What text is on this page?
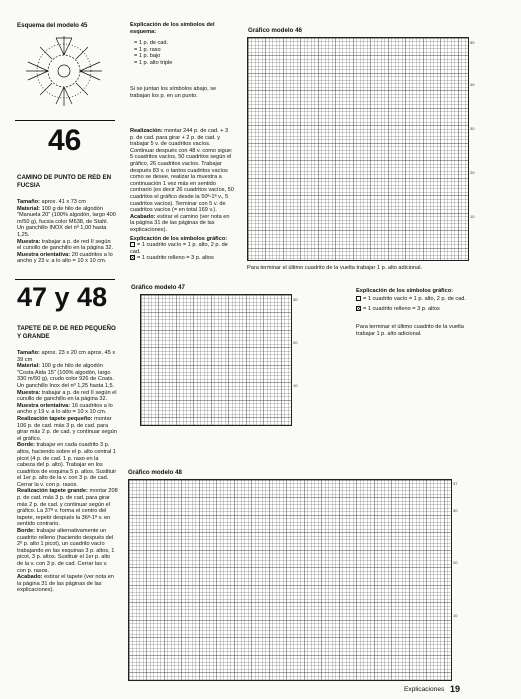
Esquema del modelo 45
46
CAMINO DE PUNTO DE RED EN FUCSIA

Tamaño: aprox. 41 x 73 cm

Material: 100 g de hilo de algodón "Manuela 20" (100% algodón, largo 400 m/50 g), fucsia color M638, de Stahl. Un ganchillo INOX del nº 1,00 hasta 1,25.

Muestra: trabajar a p. de red II según el cursillo de ganchillo en la página 32.

Muestra orientativa: 20 cuadritos a lo ancho y 23 v. a lo alto = 10 x 10 cm.

Explicación de los símbolos del esquema:

= 1 p. de cad.

= 1 p. raso

= 1 p. bajo

= 1 p. alto triple

Si se juntan los símbolos abajo, se trabajan los p. en un punto.

Realización: montar 244 p. de cad. + 3 p. de cad. para girar + 2 p. de cad. y trabajar 5 v. de cuadritos vacíos. Continuar después con 48 v. como sigue: 5 cuadritos vacíos, 50 cuadritos según el gráfico, 26 cuadritos vacíos. Trabajar después 83 v. o tantos cuadritos vacíos como se desee, realizar la muestra a continuación 1 vez más en sentido contrario (es decir 26 cuadritos vacíos, 50 cuadritos el gráfico desde la 50ª-1ª v., 5 cuadritos vacíos). Terminar con 5 v. de cuadritos vacíos (= en total 169 v.).

Acabado: estirar el camino (ver nota en la página 31 de las páginas de las explicaciones).

Explicación de los símbolos gráfico:

= 1 cuadrito vacío = 1 p. alto, 2 p. de cad.

= 1 cuadrito relleno = 3 p. altos

Gráfico modelo 46
50
40
30
20
10
Para terminar el último cuadrito de la vuelta trabajar 1 p. alto adicional.
47 y 48
TAPETE DE P. DE RED PEQUEÑO Y GRANDE

Tamaño: aprox. 23 x 20 cm aprox. 45 x 39 cm

Material: 100 g de hilo de algodón "Costa Aida 15" (100% algodón, largo 330 m/50 g), crudo color 926 de Coats. Un ganchillo Inox del nº 1,25 hasta 1,5.

Muestra: trabajar a p. de red II según el cursillo de ganchillo en la página 32.

Muestra orientativa: 16 cuadritos a lo ancho y 19 v. a lo alto = 10 x 10 cm.

Realización tapete pequeño: montar 106 p. de cad. más 3 p. de cad. para girar más 2 p. de cad. y continuar según el gráfico.

Borde: trabajar en cada cuadrito 3 p. altos, haciendo sobre el p. alto central 1 picot (4 p. de cad. 1 p. raso en la cabeza del p. alto). Trabajar en los cuadritos de esquina 5 p. altos. Sustituir el 1er p. alto de la v. con 3 p. de cad. Cerrar la v. con p. rasos.

Realización tapete grande: montar 208 p. de cad. más 3 p. de cad. para girar más 2 p. de cad. y continuar según el gráfico. La 37ª v. forma el centro del tapete, repetir después la 36ª-1ª v. en sentido contrario.

Borde: trabajar alternativamente un cuadrito relleno (haciendo después del 2º p. alto 1 picot), un cuadrito vacío trabajando en las esquinas 3 p. altos, 1 picot, 3 p. altos. Sustituir el 1er p. alto de la v. con 3 p. de cad. Cerrar las v. con p. rasos.

Acabado: estirar el tapete (ver nota en la página 31 de las páginas de las explicaciones).

Gráfico modelo 47
30
20
10
Explicación de los símbolos gráfico:

= 1 cuadrito vacío = 1 p. alto, 2 p. de cad.

= 1 cuadrito relleno = 3 p. altos

Para terminar el último cuadrito de la vuelta trabajar 1 p. alto adicional.
Gráfico modelo 48
37
30
20
10
Explicaciones 19
